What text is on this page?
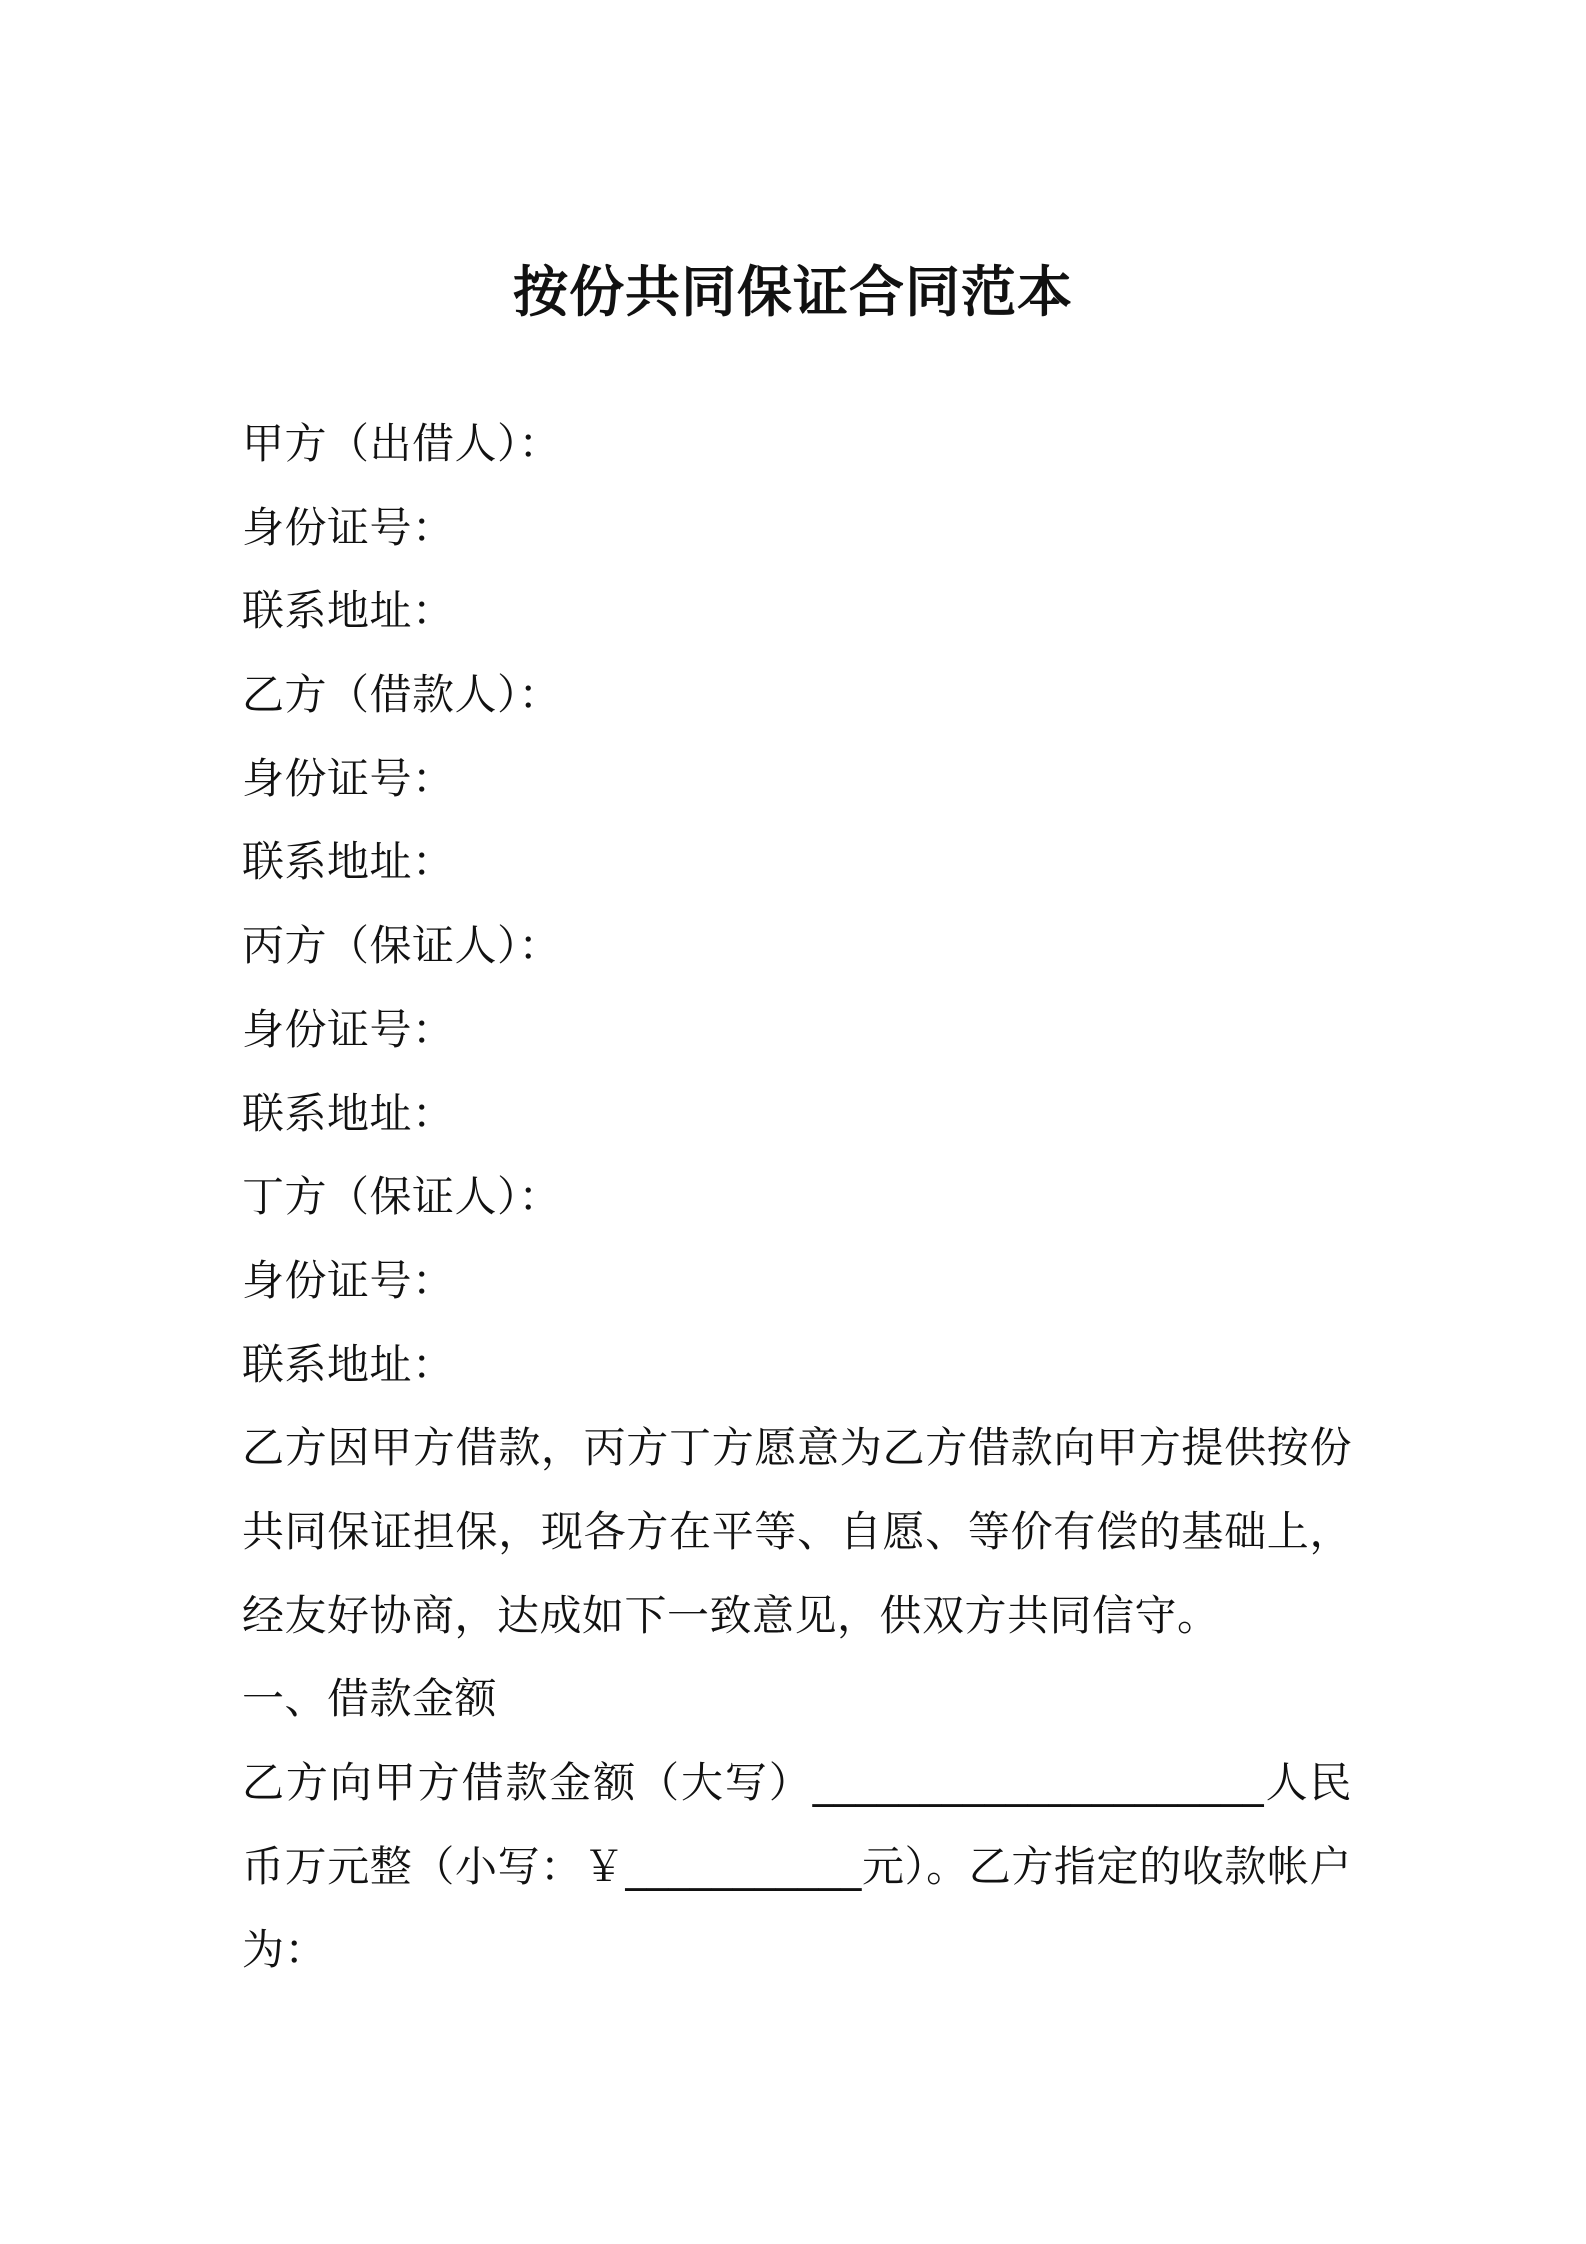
按份共同保证合同范本
甲方（出借人）：
身份证号：
联系地址：
乙方（借款人）：
身份证号：
联系地址：
丙方（保证人）：
身份证号：
联系地址：
丁方（保证人）：
身份证号：
联系地址：
乙方因甲方借款，丙方丁方愿意为乙方借款向甲方提供按份共同保证担保，现各方在平等、自愿、等价有偿的基础上，经友好协商，达成如下一致意见，供双方共同信守。
一、借款金额
乙方向甲方借款金额（大写）_____________________人民币万元整（小写：￥___________元）。乙方指定的收款帐户为：
